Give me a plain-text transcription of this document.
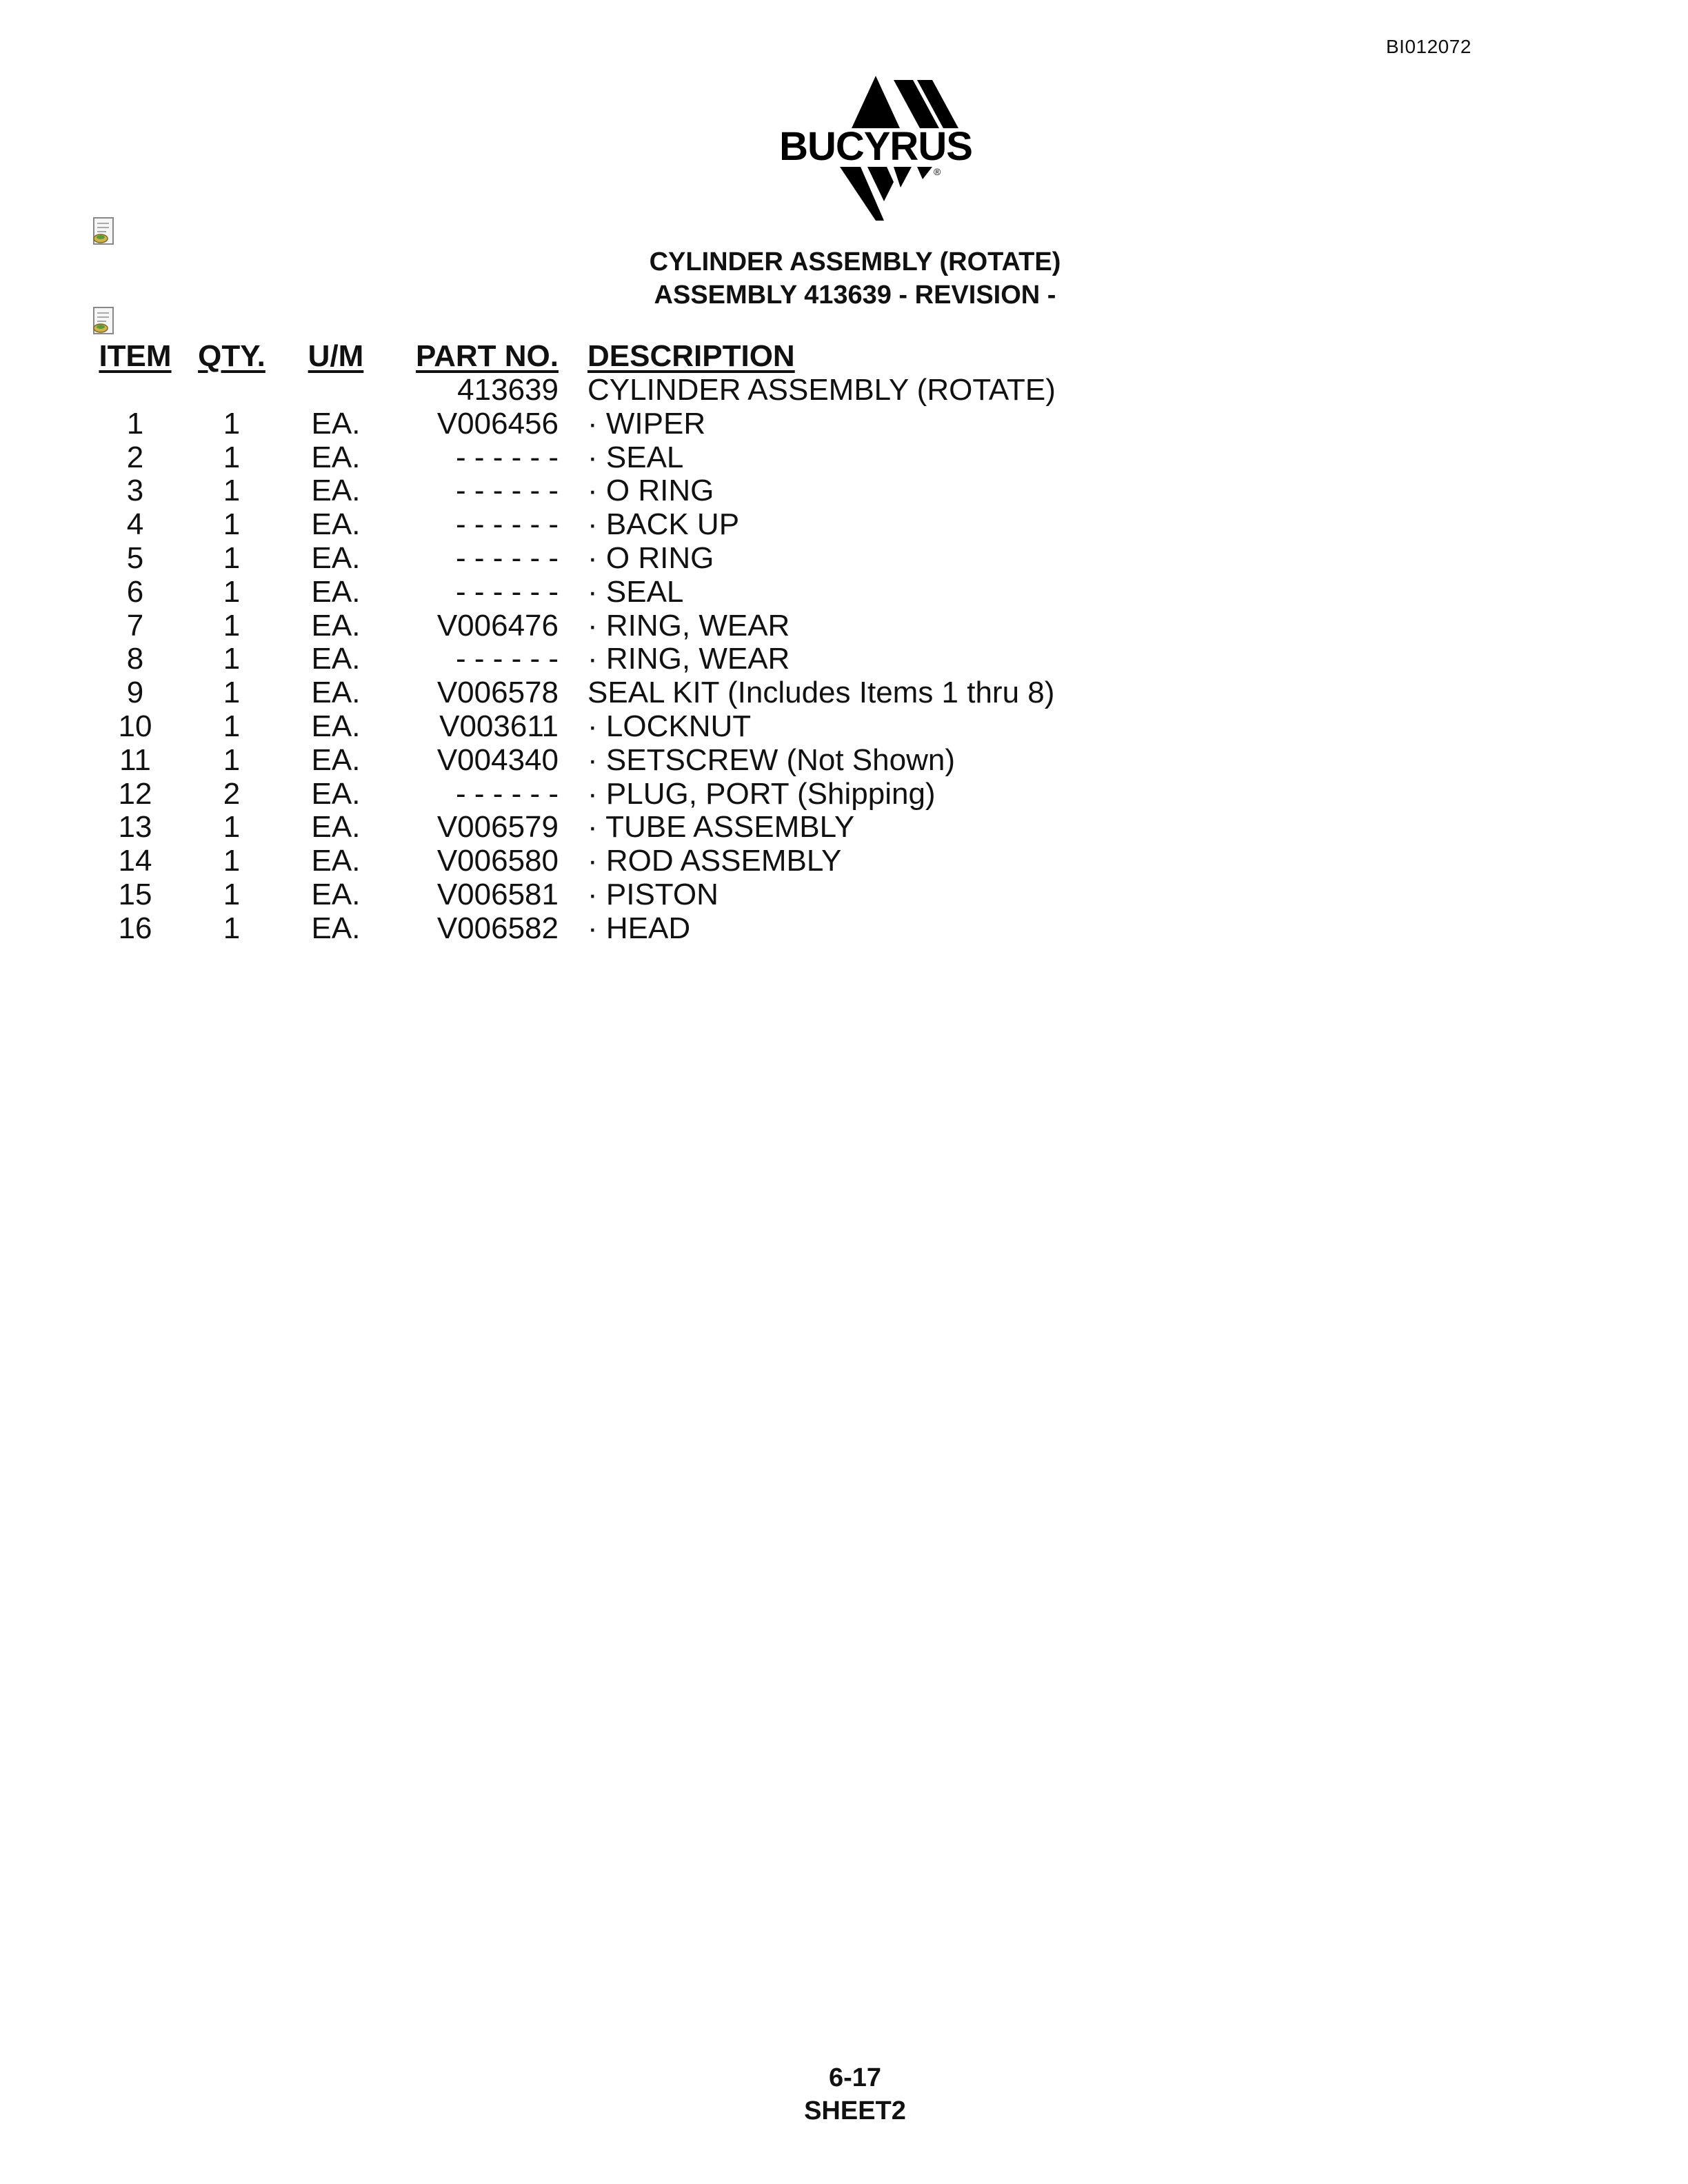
BI012072
BUCYRUS
®
CYLINDER ASSEMBLY (ROTATE)
ASSEMBLY 413639 - REVISION -
ITEM	QTY.	U/M	PART NO.	DESCRIPTION
			413639	CYLINDER ASSEMBLY (ROTATE)
1	1	EA.	V006456	· WIPER
2	1	EA.	- - - - - -	· SEAL
3	1	EA.	- - - - - -	· O RING
4	1	EA.	- - - - - -	· BACK UP
5	1	EA.	- - - - - -	· O RING
6	1	EA.	- - - - - -	· SEAL
7	1	EA.	V006476	· RING, WEAR
8	1	EA.	- - - - - -	· RING, WEAR
9	1	EA.	V006578	SEAL KIT (Includes Items 1 thru 8)
10	1	EA.	V003611	· LOCKNUT
11	1	EA.	V004340	· SETSCREW (Not Shown)
12	2	EA.	- - - - - -	· PLUG, PORT (Shipping)
13	1	EA.	V006579	· TUBE ASSEMBLY
14	1	EA.	V006580	· ROD ASSEMBLY
15	1	EA.	V006581	· PISTON
16	1	EA.	V006582	· HEAD
6-17
SHEET2
